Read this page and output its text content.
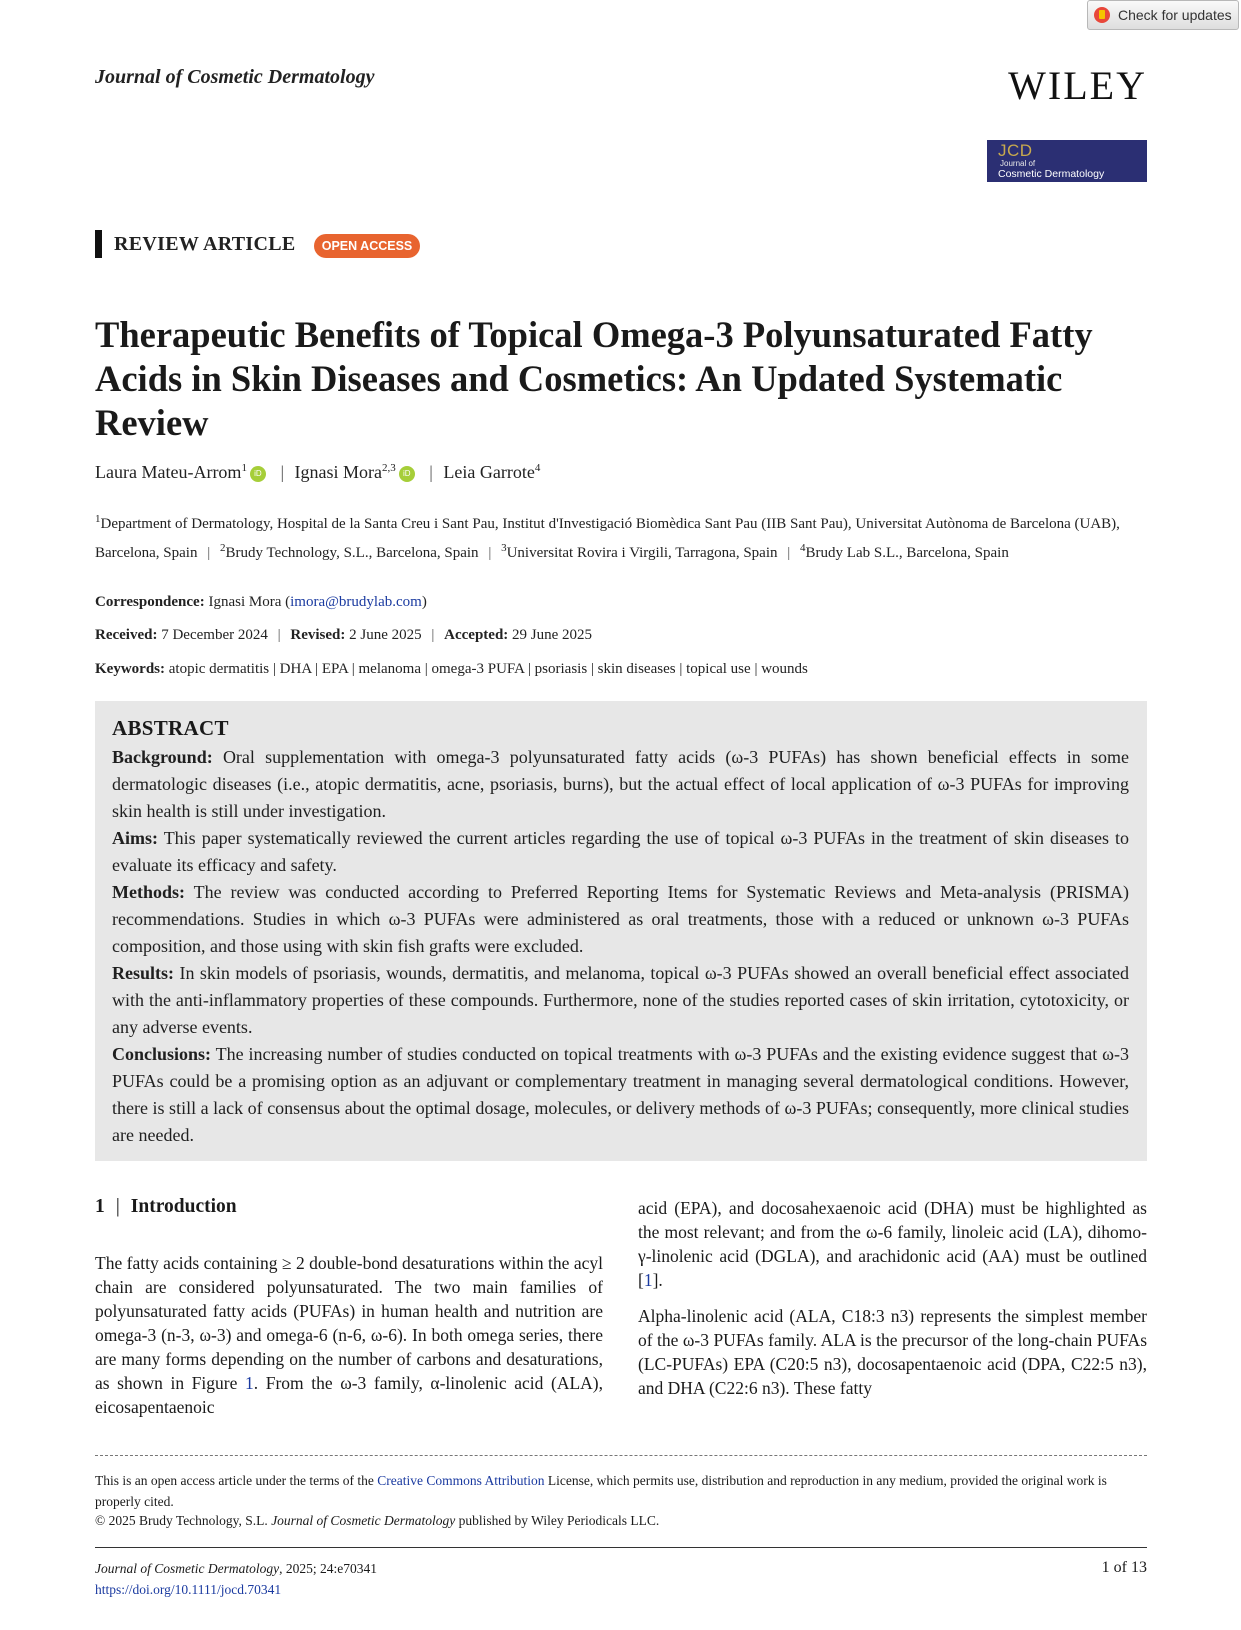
Check for updates
Journal of Cosmetic Dermatology	WILEY
JCD
Journal of
Cosmetic Dermatology
REVIEW ARTICLE	OPEN ACCESS
Therapeutic Benefits of Topical Omega-3 Polyunsaturated Fatty Acids in Skin Diseases and Cosmetics: An Updated Systematic Review
Laura Mateu-Arrom$^1$ iD | Ignasi Mora$^{2,3}$ iD | Leia Garrote$^4$
$^1$Department of Dermatology, Hospital de la Santa Creu i Sant Pau, Institut d'Investigació Biomèdica Sant Pau (IIB Sant Pau), Universitat Autònoma de Barcelona (UAB), Barcelona, Spain | $^2$Brudy Technology, S.L., Barcelona, Spain | $^3$Universitat Rovira i Virgili, Tarragona, Spain | $^4$Brudy Lab S.L., Barcelona, Spain
Correspondence: Ignasi Mora (imora@brudylab.com)
Received: 7 December 2024 | Revised: 2 June 2025 | Accepted: 29 June 2025
Keywords: atopic dermatitis | DHA | EPA | melanoma | omega-3 PUFA | psoriasis | skin diseases | topical use | wounds
ABSTRACT

Background: Oral supplementation with omega-3 polyunsaturated fatty acids (ω-3 PUFAs) has shown beneficial effects in some dermatologic diseases (i.e., atopic dermatitis, acne, psoriasis, burns), but the actual effect of local application of ω-3 PUFAs for improving skin health is still under investigation.

Aims: This paper systematically reviewed the current articles regarding the use of topical ω-3 PUFAs in the treatment of skin diseases to evaluate its efficacy and safety.

Methods: The review was conducted according to Preferred Reporting Items for Systematic Reviews and Meta-analysis (PRISMA) recommendations. Studies in which ω-3 PUFAs were administered as oral treatments, those with a reduced or unknown ω-3 PUFAs composition, and those using with skin fish grafts were excluded.

Results: In skin models of psoriasis, wounds, dermatitis, and melanoma, topical ω-3 PUFAs showed an overall beneficial effect associated with the anti-inflammatory properties of these compounds. Furthermore, none of the studies reported cases of skin irritation, cytotoxicity, or any adverse events.

Conclusions: The increasing number of studies conducted on topical treatments with ω-3 PUFAs and the existing evidence suggest that ω-3 PUFAs could be a promising option as an adjuvant or complementary treatment in managing several dermatological conditions. However, there is still a lack of consensus about the optimal dosage, molecules, or delivery methods of ω-3 PUFAs; consequently, more clinical studies are needed.

1 | Introduction

The fatty acids containing ≥ 2 double-bond desaturations within the acyl chain are considered polyunsaturated. The two main families of polyunsaturated fatty acids (PUFAs) in human health and nutrition are omega-3 (n-3, ω-3) and omega-6 (n-6, ω-6). In both omega series, there are many forms depending on the number of carbons and desaturations, as shown in Figure 1. From the ω-3 family, α-linolenic acid (ALA), eicosapentaenoic

acid (EPA), and docosahexaenoic acid (DHA) must be highlighted as the most relevant; and from the ω-6 family, linoleic acid (LA), dihomo-γ-linolenic acid (DGLA), and arachidonic acid (AA) must be outlined [1].

Alpha-linolenic acid (ALA, C18:3 n3) represents the simplest member of the ω-3 PUFAs family. ALA is the precursor of the long-chain PUFAs (LC-PUFAs) EPA (C20:5 n3), docosapentaenoic acid (DPA, C22:5 n3), and DHA (C22:6 n3). These fatty

This is an open access article under the terms of the Creative Commons Attribution License, which permits use, distribution and reproduction in any medium, provided the original work is properly cited.
© 2025 Brudy Technology, S.L. Journal of Cosmetic Dermatology published by Wiley Periodicals LLC.
Journal of Cosmetic Dermatology, 2025; 24:e70341
https://doi.org/10.1111/jocd.70341
1 of 13
